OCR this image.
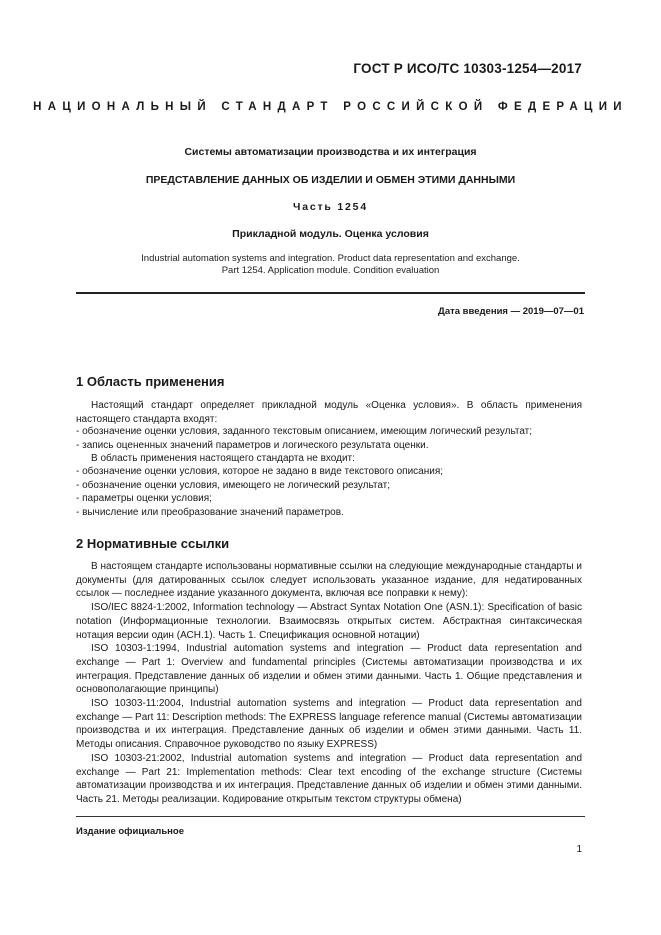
ГОСТ Р ИСО/ТС 10303-1254—2017
НАЦИОНАЛЬНЫЙ СТАНДАРТ РОССИЙСКОЙ ФЕДЕРАЦИИ
Системы автоматизации производства и их интеграция
ПРЕДСТАВЛЕНИЕ ДАННЫХ ОБ ИЗДЕЛИИ И ОБМЕН ЭТИМИ ДАННЫМИ
Часть 1254
Прикладной модуль. Оценка условия
Industrial automation systems and integration. Product data representation and exchange.
Part 1254. Application module. Condition evaluation
Дата введения — 2019—07—01
1 Область применения
Настоящий стандарт определяет прикладной модуль «Оценка условия». В область применения настоящего стандарта входят:
- обозначение оценки условия, заданного текстовым описанием, имеющим логический результат;
- запись оцененных значений параметров и логического результата оценки.
В область применения настоящего стандарта не входит:
- обозначение оценки условия, которое не задано в виде текстового описания;
- обозначение оценки условия, имеющего не логический результат;
- параметры оценки условия;
- вычисление или преобразование значений параметров.
2 Нормативные ссылки

В настоящем стандарте использованы нормативные ссылки на следующие международные стандарты и документы (для датированных ссылок следует использовать указанное издание, для недатированных ссылок — последнее издание указанного документа, включая все поправки к нему):

ISO/IEC 8824-1:2002, Information technology — Abstract Syntax Notation One (ASN.1): Specification of basic notation (Информационные технологии. Взаимосвязь открытых систем. Абстрактная синтаксическая нотация версии один (АСН.1). Часть 1. Спецификация основной нотации)

ISO 10303-1:1994, Industrial automation systems and integration — Product data representation and exchange — Part 1: Overview and fundamental principles (Системы автоматизации производства и их интеграция. Представление данных об изделии и обмен этими данными. Часть 1. Общие представления и основополагающие принципы)

ISO 10303-11:2004, Industrial automation systems and integration — Product data representation and exchange — Part 11: Description methods: The EXPRESS language reference manual (Системы автоматизации производства и их интеграция. Представление данных об изделии и обмен этими данными. Часть 11. Методы описания. Справочное руководство по языку EXPRESS)

ISO 10303-21:2002, Industrial automation systems and integration — Product data representation and exchange — Part 21: Implementation methods: Clear text encoding of the exchange structure (Системы автоматизации производства и их интеграция. Представление данных об изделии и обмен этими данными. Часть 21. Методы реализации. Кодирование открытым текстом структуры обмена)

Издание официальное
1
